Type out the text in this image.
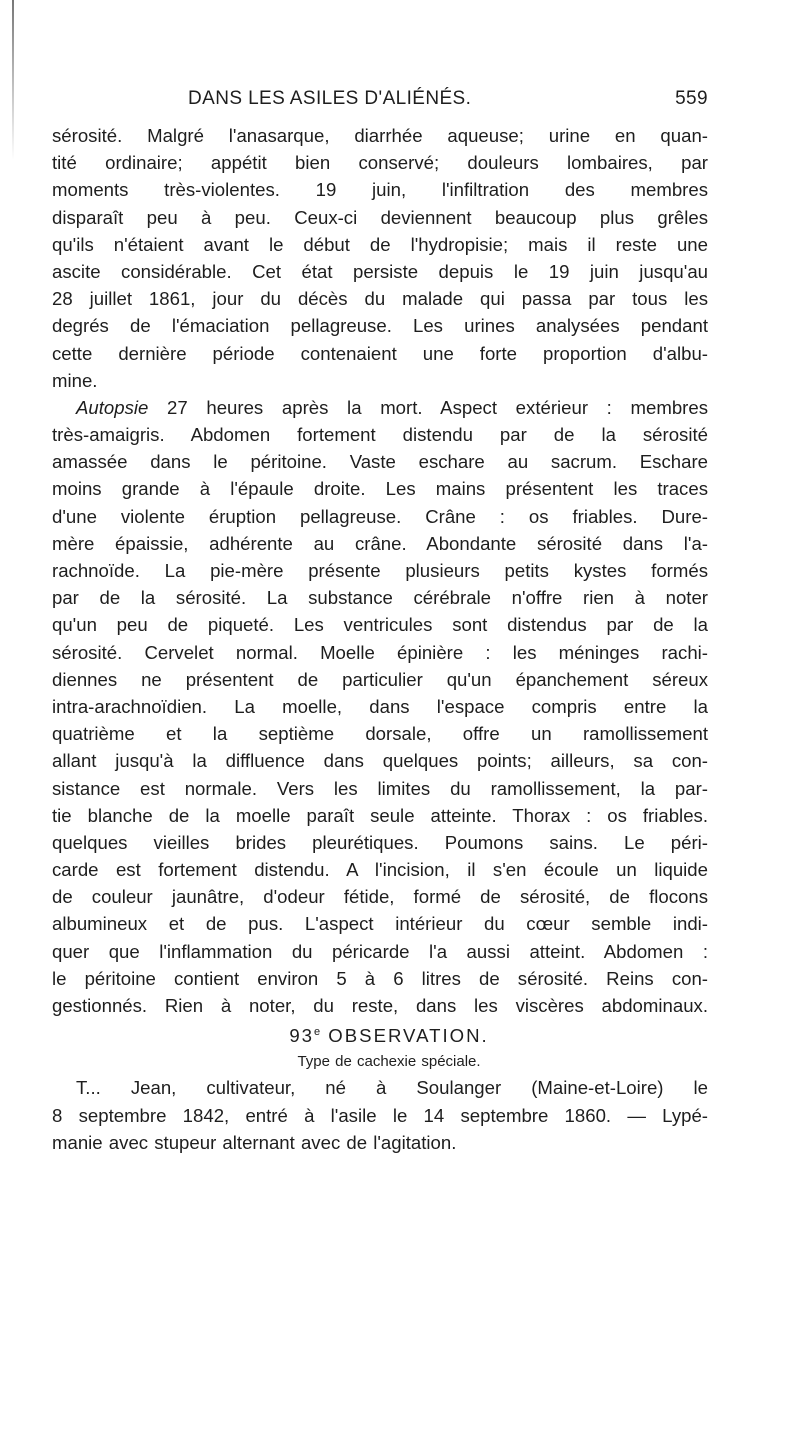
DANS LES ASILES D'ALIÉNÉS.	559
sérosité. Malgré l'anasarque, diarrhée aqueuse; urine en quan-
tité ordinaire; appétit bien conservé; douleurs lombaires, par
moments très-violentes. 19 juin, l'infiltration des membres
disparaît peu à peu. Ceux-ci deviennent beaucoup plus grêles
qu'ils n'étaient avant le début de l'hydropisie; mais il reste une
ascite considérable. Cet état persiste depuis le 19 juin jusqu'au
28 juillet 1861, jour du décès du malade qui passa par tous les
degrés de l'émaciation pellagreuse. Les urines analysées pendant
cette dernière période contenaient une forte proportion d'albu-
mine.
Autopsie 27 heures après la mort. Aspect extérieur : membres
très-amaigris. Abdomen fortement distendu par de la sérosité
amassée dans le péritoine. Vaste eschare au sacrum. Eschare
moins grande à l'épaule droite. Les mains présentent les traces
d'une violente éruption pellagreuse. Crâne : os friables. Dure-
mère épaissie, adhérente au crâne. Abondante sérosité dans l'a-
rachnoïde. La pie-mère présente plusieurs petits kystes formés
par de la sérosité. La substance cérébrale n'offre rien à noter
qu'un peu de piqueté. Les ventricules sont distendus par de la
sérosité. Cervelet normal. Moelle épinière : les méninges rachi-
diennes ne présentent de particulier qu'un épanchement séreux
intra-arachnoïdien. La moelle, dans l'espace compris entre la
quatrième et la septième dorsale, offre un ramollissement
allant jusqu'à la diffluence dans quelques points; ailleurs, sa con-
sistance est normale. Vers les limites du ramollissement, la par-
tie blanche de la moelle paraît seule atteinte. Thorax : os friables.
quelques vieilles brides pleurétiques. Poumons sains. Le péri-
carde est fortement distendu. A l'incision, il s'en écoule un liquide
de couleur jaunâtre, d'odeur fétide, formé de sérosité, de flocons
albumineux et de pus. L'aspect intérieur du cœur semble indi-
quer que l'inflammation du péricarde l'a aussi atteint. Abdomen :
le péritoine contient environ 5 à 6 litres de sérosité. Reins con-
gestionnés. Rien à noter, du reste, dans les viscères abdominaux.
93e OBSERVATION.
Type de cachexie spéciale.
T... Jean, cultivateur, né à Soulanger (Maine-et-Loire) le
8 septembre 1842, entré à l'asile le 14 septembre 1860. — Lypé-
manie avec stupeur alternant avec de l'agitation.
